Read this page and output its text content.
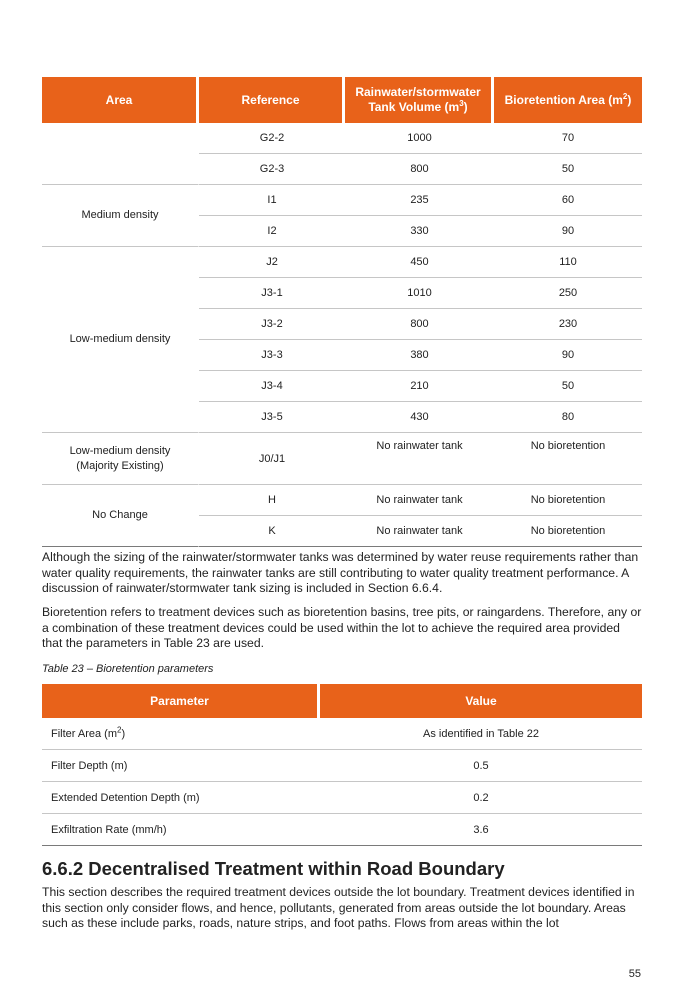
Area	Reference	Rainwater/stormwater Tank Volume $(m^3)$	Bioretention Area $(m^2)$
	G2-2	1000	70
	G2-3	800	50
Medium density	I1	235	60
	I2	330	90
Low-medium density	J2	450	110
	J3-1	1010	250
	J3-2	800	230
	J3-3	380	90
	J3-4	210	50
	J3-5	430	80
Low-medium density
(Majority Existing)	J0/J1	No rainwater tank	No bioretention
No Change	H	No rainwater tank	No bioretention
	K	No rainwater tank	No bioretention

Although the sizing of the rainwater/stormwater tanks was determined by water reuse requirements rather than water quality requirements, the rainwater tanks are still contributing to water quality treatment performance. A discussion of rainwater/stormwater tank sizing is included in Section 6.6.4.

Bioretention refers to treatment devices such as bioretention basins, tree pits, or raingardens. Therefore, any or a combination of these treatment devices could be used within the lot to achieve the required area provided that the parameters in Table 23 are used.

Table 23 – Bioretention parameters

Parameter	Value
Filter Area $(m^2)$	As identified in Table 22
Filter Depth (m)	0.5
Extended Detention Depth (m)	0.2
Exfiltration Rate (mm/h)	3.6
6.6.2 Decentralised Treatment within Road Boundary

This section describes the required treatment devices outside the lot boundary. Treatment devices identified in this section only consider flows, and hence, pollutants, generated from areas outside the lot boundary. Areas such as these include parks, roads, nature strips, and foot paths. Flows from areas within the lot

55
